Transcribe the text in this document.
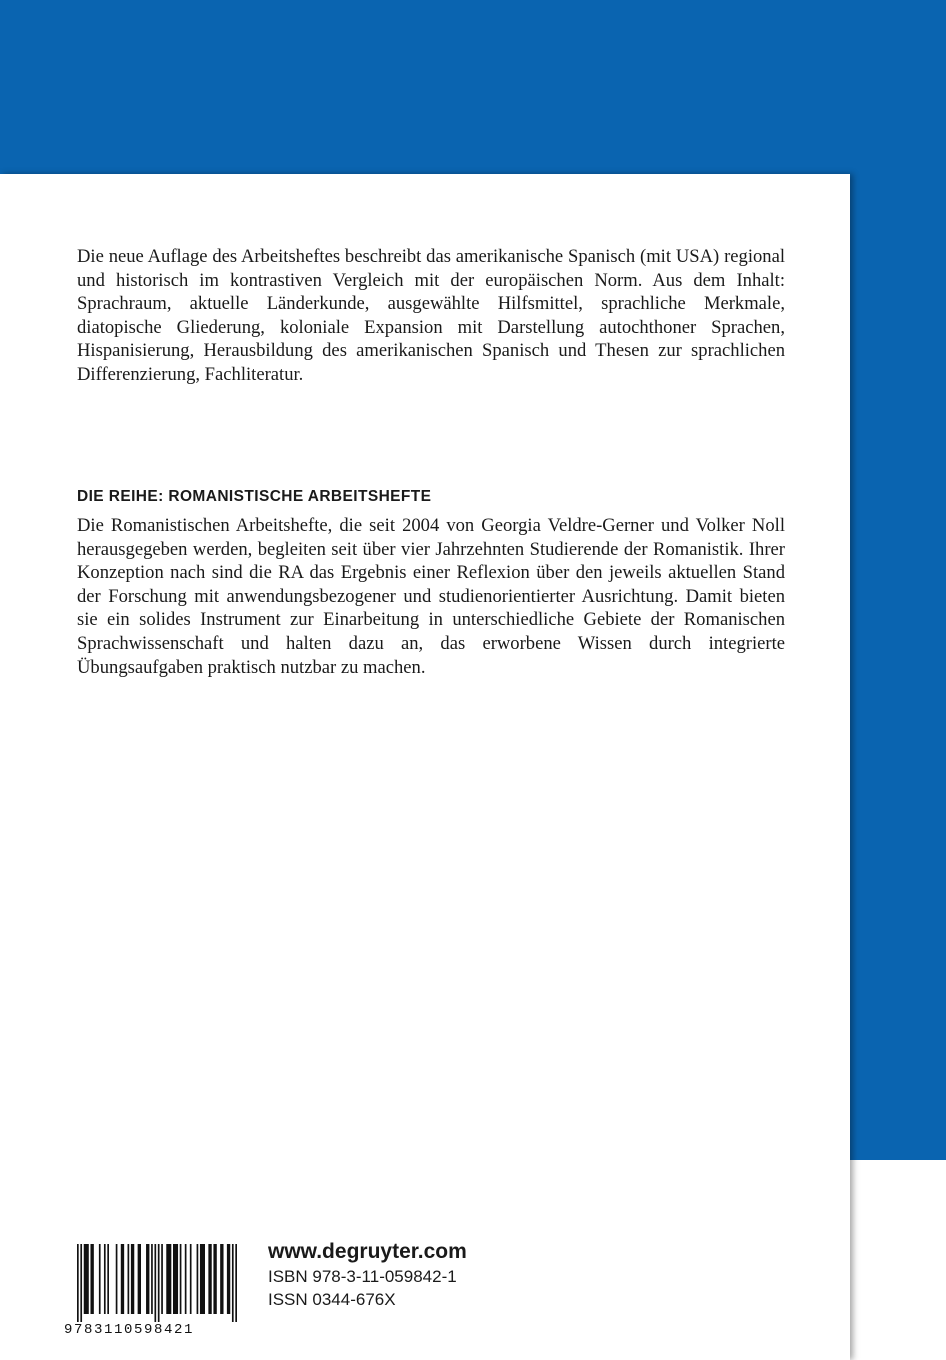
Die neue Auflage des Arbeitsheftes beschreibt das amerikanische Spanisch (mit USA) regional und historisch im kontrastiven Vergleich mit der europäischen Norm. Aus dem Inhalt: Sprachraum, aktuelle Länderkunde, ausgewählte Hilfsmittel, sprachliche Merkmale, diatopische Gliederung, koloniale Expansion mit Darstellung autochthoner Sprachen, Hispanisierung, Herausbildung des amerikanischen Spanisch und Thesen zur sprachlichen Differenzierung, Fachliteratur.

DIE REIHE: ROMANISTISCHE ARBEITSHEFTE

Die Romanistischen Arbeitshefte, die seit 2004 von Georgia Veldre-Gerner und Volker Noll herausgegeben werden, begleiten seit über vier Jahrzehnten Studierende der Romanistik. Ihrer Konzeption nach sind die RA das Ergebnis einer Reflexion über den jeweils aktuellen Stand der Forschung mit anwendungsbezogener und studienorientierter Ausrichtung. Damit bieten sie ein solides Instrument zur Einarbeitung in unterschiedliche Gebiete der Romanischen Sprachwissenschaft und halten dazu an, das erworbene Wissen durch integrierte Übungsaufgaben praktisch nutzbar zu machen.

9783110598421
www.degruyter.com
ISBN 978-3-11-059842-1
ISSN 0344-676X
